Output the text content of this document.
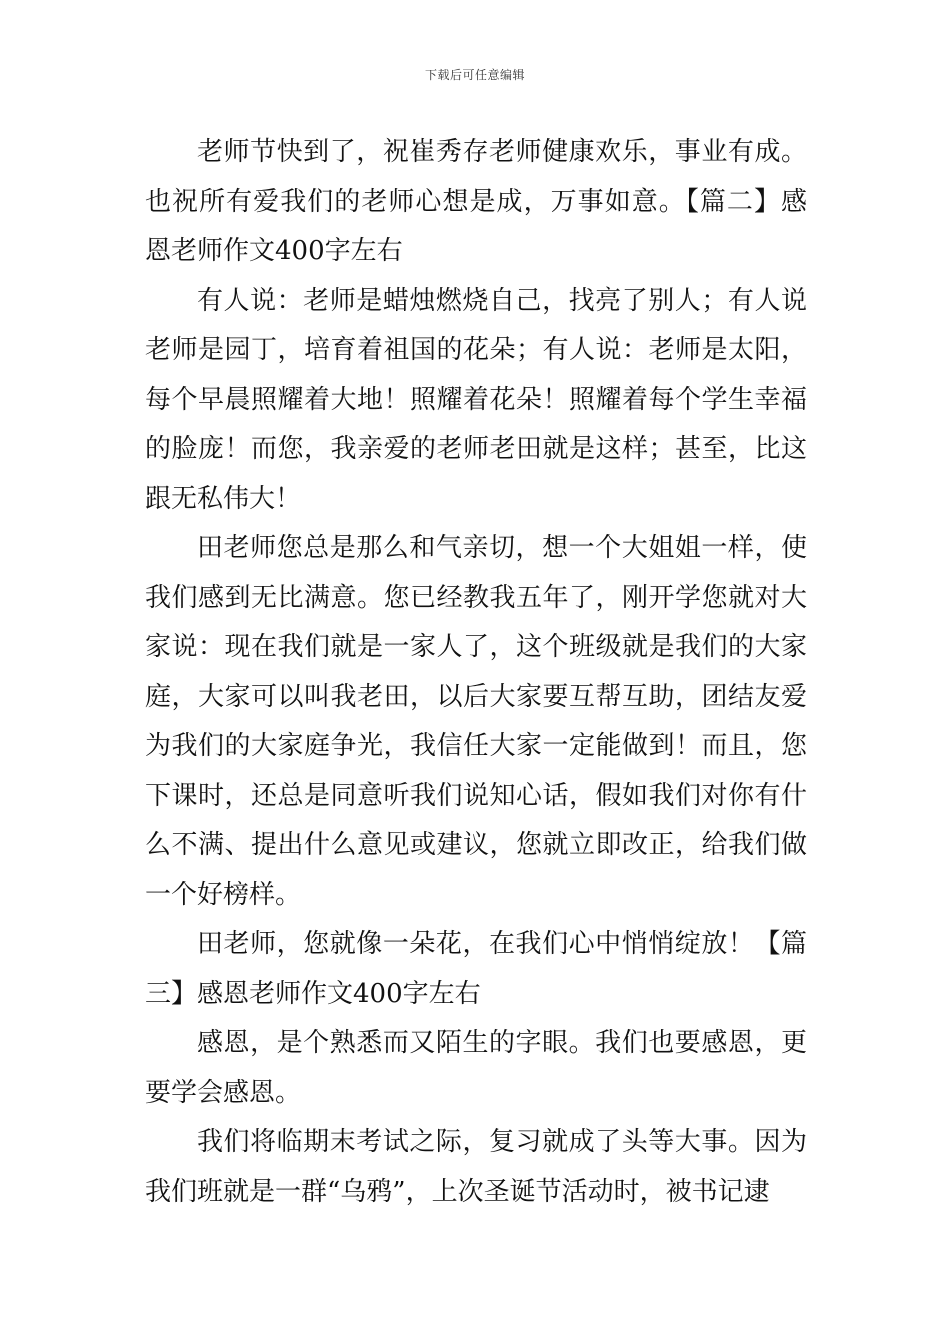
下载后可任意编辑

老师节快到了，祝崔秀存老师健康欢乐，事业有成。也祝所有爱我们的老师心想是成，万事如意。【篇二】感恩老师作文400字左右

有人说：老师是蜡烛燃烧自己，找亮了别人；有人说老师是园丁，培育着祖国的花朵；有人说：老师是太阳，每个早晨照耀着大地！照耀着花朵！照耀着每个学生幸福的脸庞！而您，我亲爱的老师老田就是这样；甚至，比这跟无私伟大！

田老师您总是那么和气亲切，想一个大姐姐一样，使我们感到无比满意。您已经教我五年了，刚开学您就对大家说：现在我们就是一家人了，这个班级就是我们的大家庭，大家可以叫我老田，以后大家要互帮互助，团结友爱为我们的大家庭争光，我信任大家一定能做到！而且，您下课时，还总是同意听我们说知心话，假如我们对你有什么不满、提出什么意见或建议，您就立即改正，给我们做一个好榜样。

田老师，您就像一朵花，在我们心中悄悄绽放！【篇三】感恩老师作文400字左右

感恩，是个熟悉而又陌生的字眼。我们也要感恩，更要学会感恩。

我们将临期末考试之际，复习就成了头等大事。因为我们班就是一群“乌鸦”，上次圣诞节活动时，被书记逮
